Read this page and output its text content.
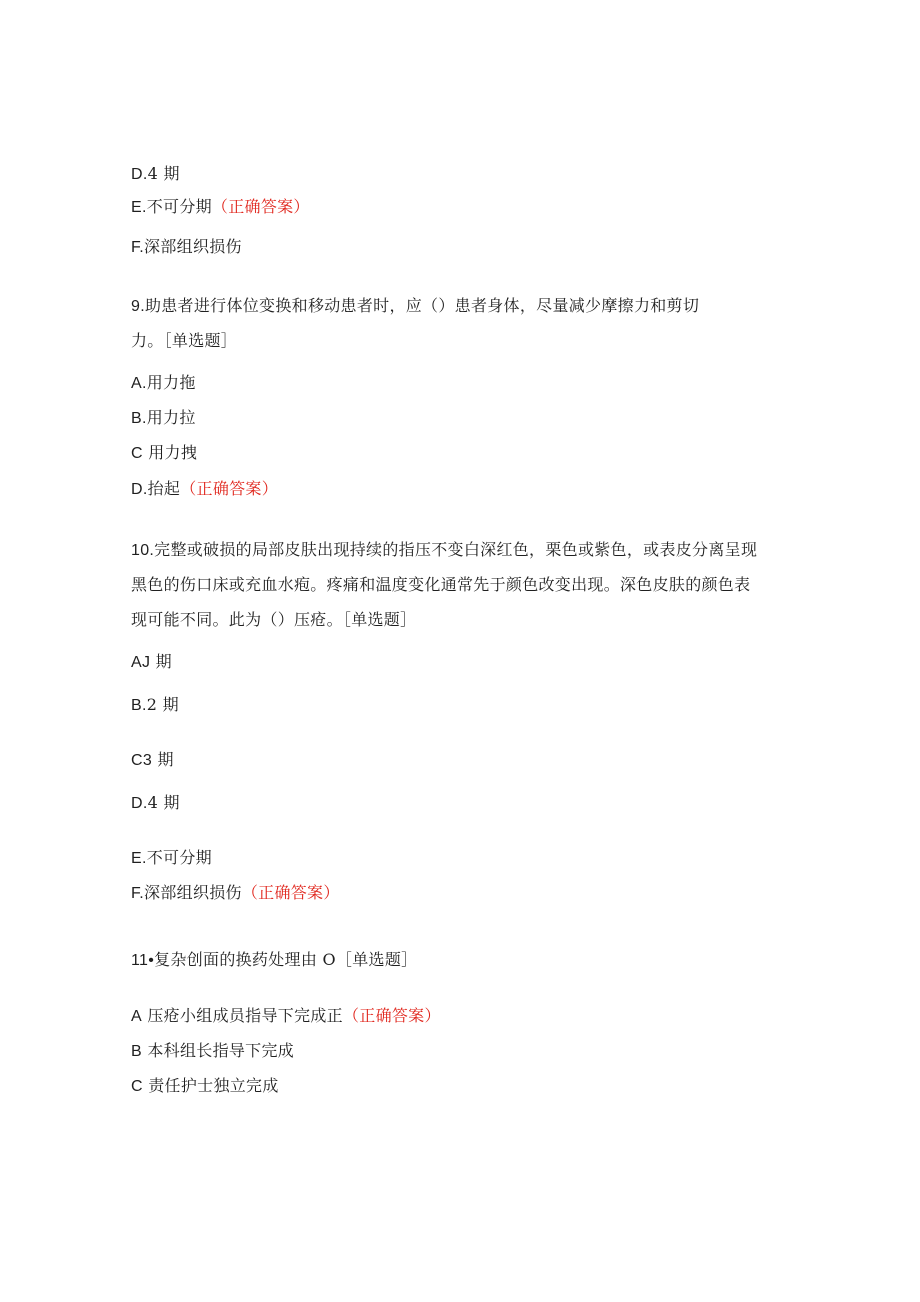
D.4 期
E.不可分期（正确答案）
F.深部组织损伤
9.助患者进行体位变换和移动患者时，应（）患者身体，尽量减少摩擦力和剪切
力。［单选题］
A.用力拖
B.用力拉
C 用力拽
D.抬起（正确答案）
10.完整或破损的局部皮肤出现持续的指压不变白深红色，栗色或紫色，或表皮分离呈现
黑色的伤口床或充血水疱。疼痛和温度变化通常先于颜色改变出现。深色皮肤的颜色表
现可能不同。此为（）压疮。［单选题］
AJ 期
B.2 期
C3 期
D.4 期
E.不可分期
F.深部组织损伤（正确答案）
11•复杂创面的换药处理由 O［单选题］
A 压疮小组成员指导下完成正（正确答案）
B 本科组长指导下完成
C 责任护士独立完成
